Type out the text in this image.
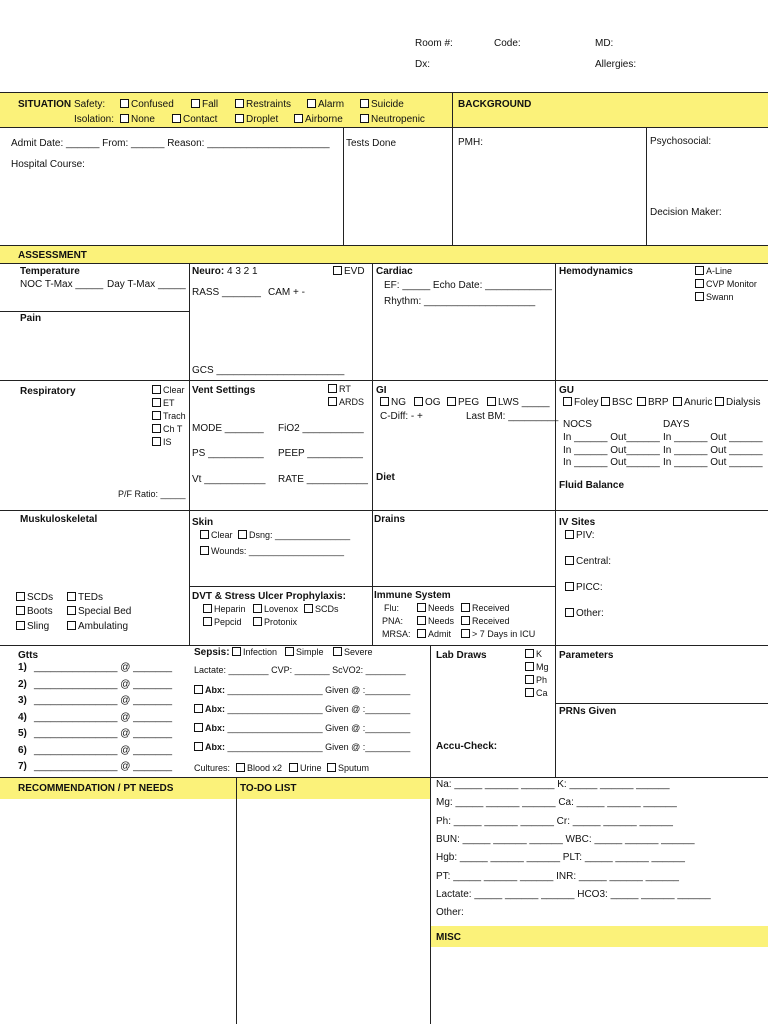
Room #:	Code:	MD:
Dx:	Allergies:
SITUATION Safety:	Confused	Fall	Restraints	Alarm	Suicide
Isolation:	None	Contact	Droplet	Airborne	Neutropenic
BACKGROUND
Admit Date: ______ From: ______ Reason: ______________________
Hospital Course:
Tests Done	PMH:	Psychosocial:
Decision Maker:
ASSESSMENT
Temperature
NOC T-Max _____ Day T-Max _____
Pain
Neuro: 4 3 2 1	EVD
RASS _______ CAM + -
GCS _______________________
Cardiac
EF: _____ Echo Date: ____________
Rhythm: ____________________
Hemodynamics	A-Line
CVP Monitor
Swann
Respiratory	Clear
ET
Trach
Ch T
IS
P/F Ratio: _____
Vent Settings	RT
ARDS
MODE _______ FiO2 ___________
PS __________ PEEP __________
Vt ___________ RATE ___________
GI
NG	OG	PEG	LWS _____
C-Diff: - +	Last BM: _________
Diet
GU
Foley	BSC	BRP	Anuric	Dialysis
NOCS	DAYS
In ______ Out______ In ______ Out ______
In ______ Out______ In ______ Out ______
In ______ Out______ In ______ Out ______
Fluid Balance
Muskuloskeletal
SCDs	TEDs
Boots	Special Bed
Sling	Ambulating
Skin
Clear	Dsng: _______________
Wounds: ___________________
Drains	IV Sites
PIV:
Central:
PICC:
Other:
DVT & Stress Ulcer Prophylaxis:
Heparin	Lovenox	SCDs
Pepcid	Protonix
Immune System
Flu:	Needs	Received
PNA:	Needs	Received
MRSA:	Admit	> 7 Days in ICU
Gtts
1) _______________ @ _______
2) _______________ @ _______
3) _______________ @ _______
4) _______________ @ _______
5) _______________ @ _______
6) _______________ @ _______
7) _______________ @ _______
Sepsis:	Infection	Simple	Severe
Lactate: ________ CVP: _______ ScVO2: ________
Abx: ___________________ Given @ :_________
Abx: ___________________ Given @ :_________
Abx: ___________________ Given @ :_________
Abx: ___________________ Given @ :_________
Cultures:	Blood x2	Urine	Sputum
Lab Draws	K
Mg
Ph
Ca
Accu-Check:
Parameters
PRNs Given
RECOMMENDATION / PT NEEDS	TO-DO LIST	Na: _____ ______ ______ K: _____ ______ ______
Mg: _____ ______ ______ Ca: _____ ______ ______
Ph: _____ ______ ______ Cr: _____ ______ ______
BUN: _____ ______ ______ WBC: _____ ______ ______
Hgb: _____ ______ ______ PLT: _____ ______ ______
PT: _____ ______ ______ INR: _____ ______ ______
Lactate: _____ ______ ______ HCO3: _____ ______ ______
Other:
MISC
